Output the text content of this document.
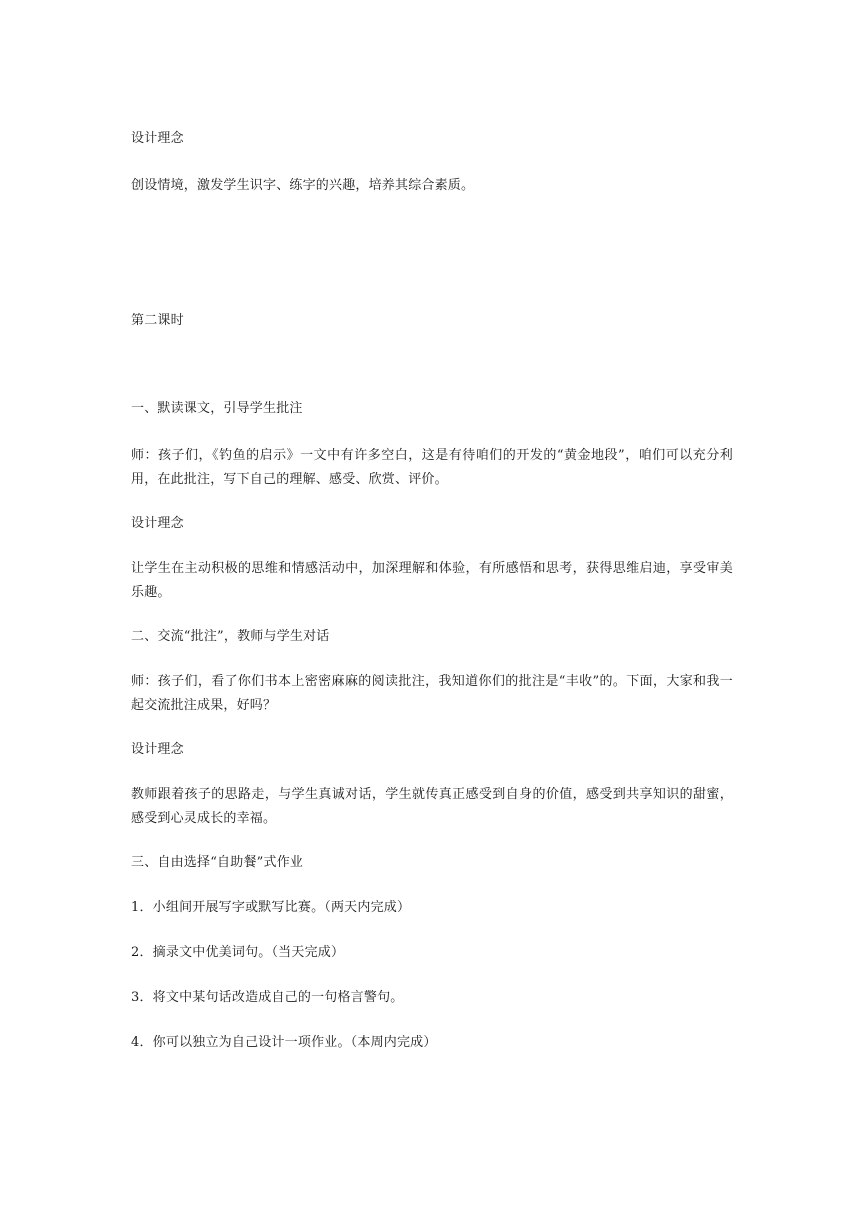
设计理念

创设情境，激发学生识字、练字的兴趣，培养其综合素质。

第二课时

一、默读课文，引导学生批注

师：孩子们，《钓鱼的启示》一文中有许多空白，这是有待咱们的开发的“黄金地段”，咱们可以充分利用，在此批注，写下自己的理解、感受、欣赏、评价。

设计理念

让学生在主动积极的思维和情感活动中，加深理解和体验，有所感悟和思考，获得思维启迪，享受审美乐趣。

二、交流“批注”，教师与学生对话

师：孩子们，看了你们书本上密密麻麻的阅读批注，我知道你们的批注是“丰收”的。下面，大家和我一起交流批注成果，好吗？

设计理念

教师跟着孩子的思路走，与学生真诚对话，学生就传真正感受到自身的价值，感受到共享知识的甜蜜，感受到心灵成长的幸福。

三、自由选择“自助餐”式作业

1．小组间开展写字或默写比赛。（两天内完成）

2．摘录文中优美词句。（当天完成）

3．将文中某句话改造成自己的一句格言警句。

4．你可以独立为自己设计一项作业。（本周内完成）
